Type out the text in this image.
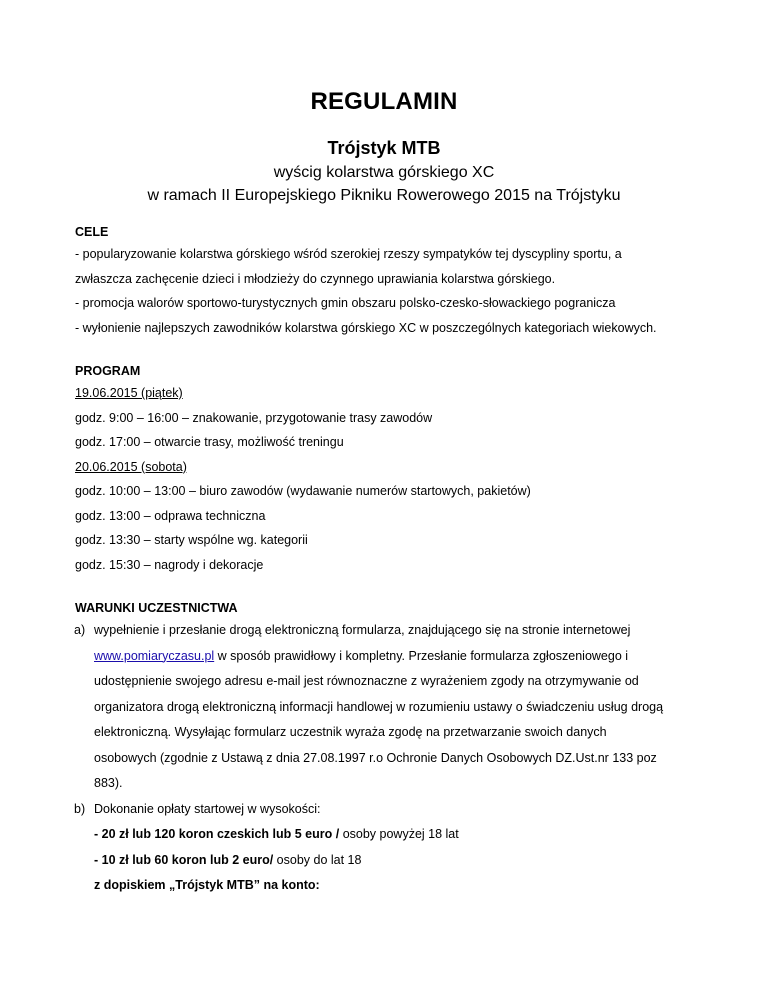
REGULAMIN
Trójstyk MTB
wyścig kolarstwa górskiego XC
w ramach II Europejskiego Pikniku Rowerowego 2015 na Trójstyku
CELE
- popularyzowanie kolarstwa górskiego wśród szerokiej rzeszy sympatyków tej dyscypliny sportu, a
zwłaszcza zachęcenie dzieci i młodzieży do czynnego uprawiania kolarstwa górskiego.
- promocja walorów sportowo-turystycznych gmin obszaru polsko-czesko-słowackiego pogranicza
- wyłonienie najlepszych zawodników kolarstwa górskiego XC w poszczególnych kategoriach wiekowych.
PROGRAM
19.06.2015 (piątek)
godz. 9:00 – 16:00 – znakowanie, przygotowanie trasy zawodów
godz. 17:00 – otwarcie trasy, możliwość treningu
20.06.2015 (sobota)
godz. 10:00 – 13:00 – biuro zawodów (wydawanie numerów startowych, pakietów)
godz. 13:00 – odprawa techniczna
godz. 13:30 – starty wspólne wg. kategorii
godz. 15:30 – nagrody i dekoracje
WARUNKI UCZESTNICTWA
a) wypełnienie i przesłanie drogą elektroniczną formularza, znajdującego się na stronie internetowej
www.pomiaryczasu.pl w sposób prawidłowy i kompletny. Przesłanie formularza zgłoszeniowego i
udostępnienie swojego adresu e-mail jest równoznaczne z wyrażeniem zgody na otrzymywanie od
organizatora drogą elektroniczną informacji handlowej w rozumieniu ustawy o świadczeniu usług drogą
elektroniczną. Wysyłając formularz uczestnik wyraża zgodę na przetwarzanie swoich danych
osobowych (zgodnie z Ustawą z dnia 27.08.1997 r.o Ochronie Danych Osobowych DZ.Ust.nr 133 poz
883).
b) Dokonanie opłaty startowej w wysokości:
- 20 zł lub 120 koron czeskich lub 5 euro / osoby powyżej 18 lat
- 10 zł lub 60 koron lub 2 euro/ osoby do lat 18
z dopiskiem „Trójstyk MTB” na konto:
